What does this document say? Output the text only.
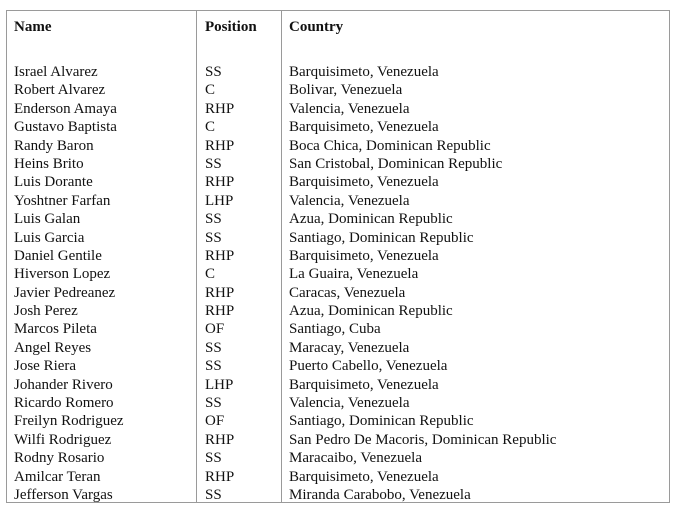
Name
Israel Alvarez
Robert Alvarez
Enderson Amaya
Gustavo Baptista
Randy Baron
Heins Brito
Luis Dorante
Yoshtner Farfan
Luis Galan
Luis Garcia
Daniel Gentile
Hiverson Lopez
Javier Pedreanez
Josh Perez
Marcos Pileta
Angel Reyes
Jose Riera
Johander Rivero
Ricardo Romero
Freilyn Rodriguez
Wilfi Rodriguez
Rodny Rosario
Amilcar Teran
Jefferson Vargas
Position
SS
C
RHP
C
RHP
SS
RHP
LHP
SS
SS
RHP
C
RHP
RHP
OF
SS
SS
LHP
SS
OF
RHP
SS
RHP
SS
Country
Barquisimeto, Venezuela
Bolivar, Venezuela
Valencia, Venezuela
Barquisimeto, Venezuela
Boca Chica, Dominican Republic
San Cristobal, Dominican Republic
Barquisimeto, Venezuela
Valencia, Venezuela
Azua, Dominican Republic
Santiago, Dominican Republic
Barquisimeto, Venezuela
La Guaira, Venezuela
Caracas, Venezuela
Azua, Dominican Republic
Santiago, Cuba
Maracay, Venezuela
Puerto Cabello, Venezuela
Barquisimeto, Venezuela
Valencia, Venezuela
Santiago, Dominican Republic
San Pedro De Macoris, Dominican Republic
Maracaibo, Venezuela
Barquisimeto, Venezuela
Miranda Carabobo, Venezuela
